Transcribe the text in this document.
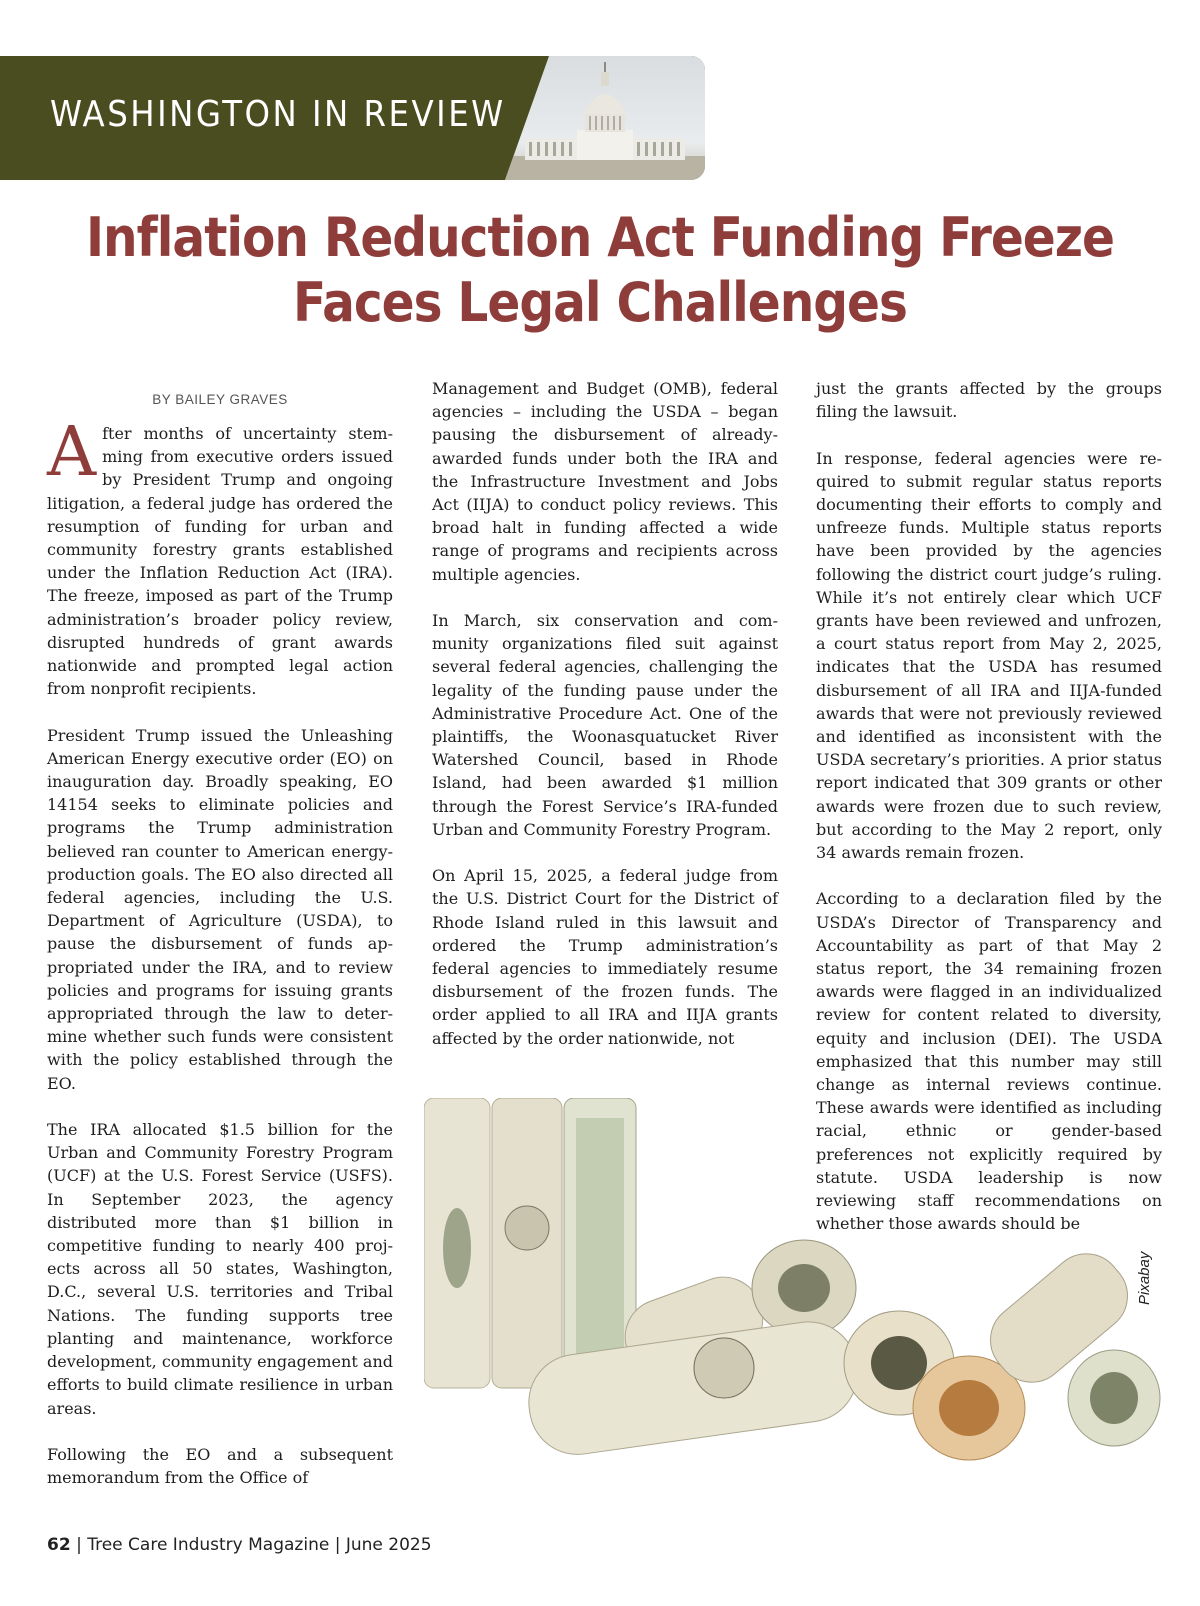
WASHINGTON IN REVIEW
Inflation Reduction Act Funding Freeze
Faces Legal Challenges
BY BAILEY GRAVES

After months of uncertainty stemming from executive orders issued by President Trump and ongoing litigation, a federal judge has ordered the resumption of funding for urban and community forestry grants established under the Inflation Reduction Act (IRA). The freeze, imposed as part of the Trump administration’s broader policy review, disrupted hundreds of grant awards nationwide and prompted legal action from nonprofit recipients.

President Trump issued the Unleashing American Energy executive order (EO) on inauguration day. Broadly speaking, EO 14154 seeks to eliminate policies and programs the Trump administration believed ran counter to American energy-production goals. The EO also directed all federal agencies, including the U.S. Department of Agriculture (USDA), to pause the disbursement of funds appropriated under the IRA, and to review policies and programs for issuing grants appropriated through the law to determine whether such funds were consistent with the policy established through the EO.

The IRA allocated $1.5 billion for the Urban and Community Forestry Program (UCF) at the U.S. Forest Service (USFS). In September 2023, the agency distributed more than $1 billion in competitive funding to nearly 400 projects across all 50 states, Washington, D.C., several U.S. territories and Tribal Nations. The funding supports tree planting and maintenance, workforce development, community engagement and efforts to build climate resilience in urban areas.

Following the EO and a subsequent memorandum from the Office of

Management and Budget (OMB), federal agencies – including the USDA – began pausing the disbursement of already-awarded funds under both the IRA and the Infrastructure Investment and Jobs Act (IIJA) to conduct policy reviews. This broad halt in funding affected a wide range of programs and recipients across multiple agencies.

In March, six conservation and community organizations filed suit against several federal agencies, challenging the legality of the funding pause under the Administrative Procedure Act. One of the plaintiffs, the Woonasquatucket River Watershed Council, based in Rhode Island, had been awarded $1 million through the Forest Service’s IRA-funded Urban and Community Forestry Program.

On April 15, 2025, a federal judge from the U.S. District Court for the District of Rhode Island ruled in this lawsuit and ordered the Trump administration’s federal agencies to immediately resume disbursement of the frozen funds. The order applied to all IRA and IIJA grants affected by the order nationwide, not

just the grants affected by the groups filing the lawsuit.

In response, federal agencies were required to submit regular status reports documenting their efforts to comply and unfreeze funds. Multiple status reports have been provided by the agencies following the district court judge’s ruling. While it’s not entirely clear which UCF grants have been reviewed and unfrozen, a court status report from May 2, 2025, indicates that the USDA has resumed disbursement of all IRA and IIJA-funded awards that were not previously reviewed and identified as inconsistent with the USDA secretary’s priorities. A prior status report indicated that 309 grants or other awards were frozen due to such review, but according to the May 2 report, only 34 awards remain frozen.

According to a declaration filed by the USDA’s Director of Transparency and Accountability as part of that May 2 status report, the 34 remaining frozen awards were flagged in an individualized review for content related to diversity, equity and inclusion (DEI). The USDA emphasized that this number may still change as internal reviews continue. These awards were identified as including racial, ethnic or gender-based preferences not explicitly required by statute. USDA leadership is now reviewing staff recommendations on whether those awards should be

Pixabay
62 | Tree Care Industry Magazine | June 2025
